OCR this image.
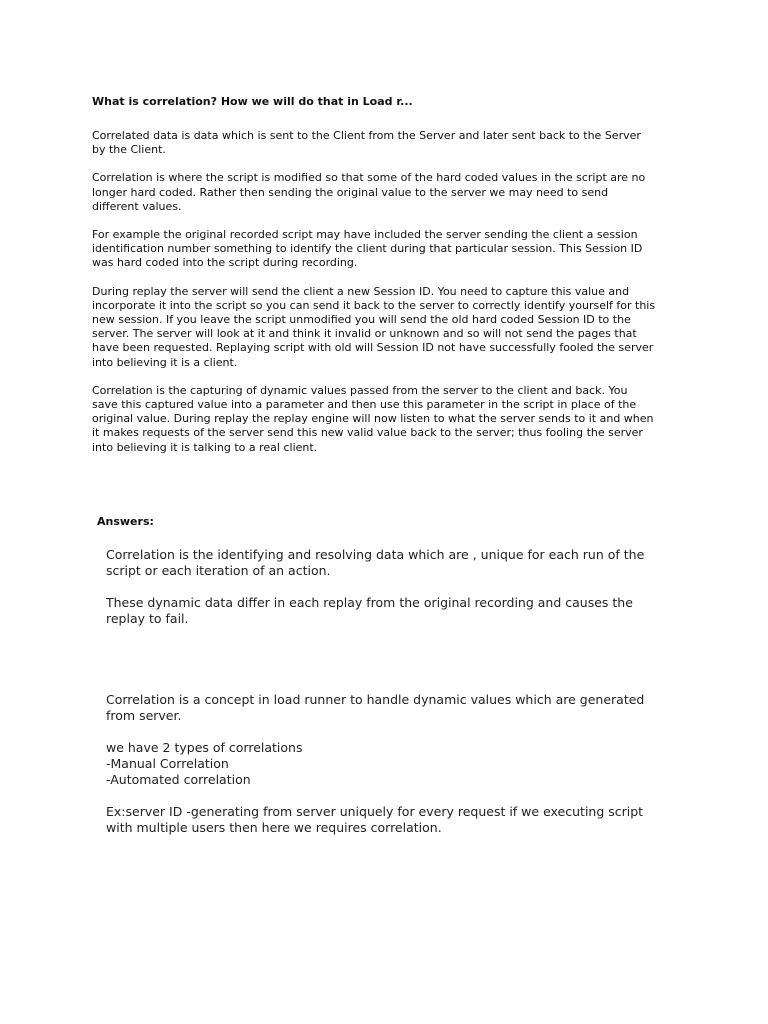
What is correlation? How we will do that in Load r...

Correlated data is data which is sent to the Client from the Server and later sent back to the Server
by the Client.

Correlation is where the script is modified so that some of the hard coded values in the script are no
longer hard coded. Rather then sending the original value to the server we may need to send
different values.

For example the original recorded script may have included the server sending the client a session
identification number something to identify the client during that particular session. This Session ID
was hard coded into the script during recording.

During replay the server will send the client a new Session ID. You need to capture this value and
incorporate it into the script so you can send it back to the server to correctly identify yourself for this
new session. If you leave the script unmodified you will send the old hard coded Session ID to the
server. The server will look at it and think it invalid or unknown and so will not send the pages that
have been requested. Replaying script with old will Session ID not have successfully fooled the server
into believing it is a client.

Correlation is the capturing of dynamic values passed from the server to the client and back. You
save this captured value into a parameter and then use this parameter in the script in place of the
original value. During replay the replay engine will now listen to what the server sends to it and when
it makes requests of the server send this new valid value back to the server; thus fooling the server
into believing it is talking to a real client.

Answers:

Correlation is the identifying and resolving data which are , unique for each run of the
script or each iteration of an action.

These dynamic data differ in each replay from the original recording and causes the
replay to fail.

Correlation is a concept in load runner to handle dynamic values which are generated
from server.

we have 2 types of correlations
-Manual Correlation
-Automated correlation

Ex:server ID -generating from server uniquely for every request if we executing script
with multiple users then here we requires correlation.
